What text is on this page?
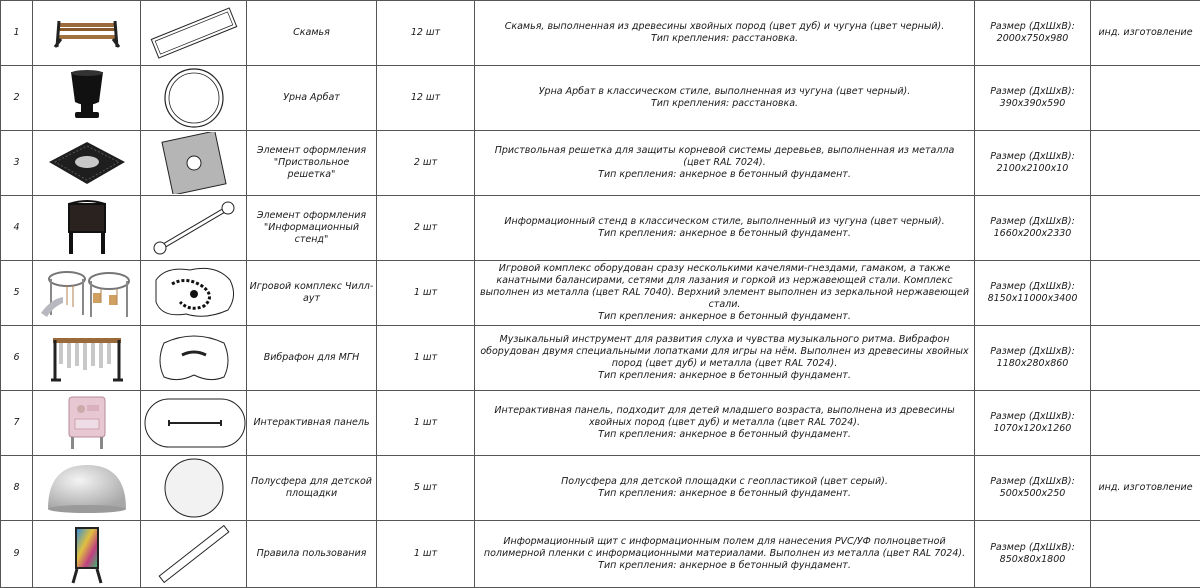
1			Скамья	12 шт	Скамья, выполненная из древесины хвойных пород (цвет дуб) и чугуна (цвет черный).
Тип крепления: расстановка.	Размер (ДхШхВ):
2000х750х980	инд. изготовление
2			Урна Арбат	12 шт	Урна Арбат в классическом стиле, выполненная из чугуна (цвет черный).
Тип крепления: расстановка.	Размер (ДхШхВ):
390х390х590	

3			Элемент оформления "Приствольное решетка"	2 шт	Приствольная решетка для защиты корневой системы деревьев, выполненная из металла
(цвет RAL 7024).
Тип крепления: анкерное в бетонный фундамент.	Размер (ДхШхВ):
2100х2100х10	

4			Элемент оформления "Информационный стенд"	2 шт	Информационный стенд в классическом стиле, выполненный из чугуна (цвет черный).
Тип крепления: анкерное в бетонный фундамент.	Размер (ДхШхВ):
1660х200х2330	

5			Игровой комплекс Чилл-аут	1 шт	Игровой комплекс оборудован сразу несколькими качелями-гнездами, гамаком, а также
канатными балансирами, сетями для лазания и горкой из нержавеющей стали. Комплекс
выполнен из металла (цвет RAL 7040). Верхний элемент выполнен из зеркальной нержавеющей
стали.
Тип крепления: анкерное в бетонный фундамент.	Размер (ДхШхВ):
8150х11000х3400	

6			Вибрафон для МГН	1 шт	Музыкальный инструмент для развития слуха и чувства музыкального ритма. Вибрафон
оборудован двумя специальными лопатками для игры на нём. Выполнен из древесины хвойных
пород (цвет дуб) и металла (цвет RAL 7024).
Тип крепления: анкерное в бетонный фундамент.	Размер (ДхШхВ):
1180х280х860	

7			Интерактивная панель	1 шт	Интерактивная панель, подходит для детей младшего возраста, выполнена из древесины
хвойных пород (цвет дуб) и металла (цвет RAL 7024).
Тип крепления: анкерное в бетонный фундамент.	Размер (ДхШхВ):
1070х120х1260	

8			Полусфера для детской площадки	5 шт	Полусфера для детской площадки с геопластикой (цвет серый).
Тип крепления: анкерное в бетонный фундамент.	Размер (ДхШхВ):
500х500х250	инд. изготовление
9			Правила пользования	1 шт	Информационный щит с информационным полем для нанесения PVC/УФ полноцветной
полимерной пленки с информационными материалами. Выполнен из металла (цвет RAL 7024).
Тип крепления: анкерное в бетонный фундамент.	Размер (ДхШхВ):
850х80х1800	
